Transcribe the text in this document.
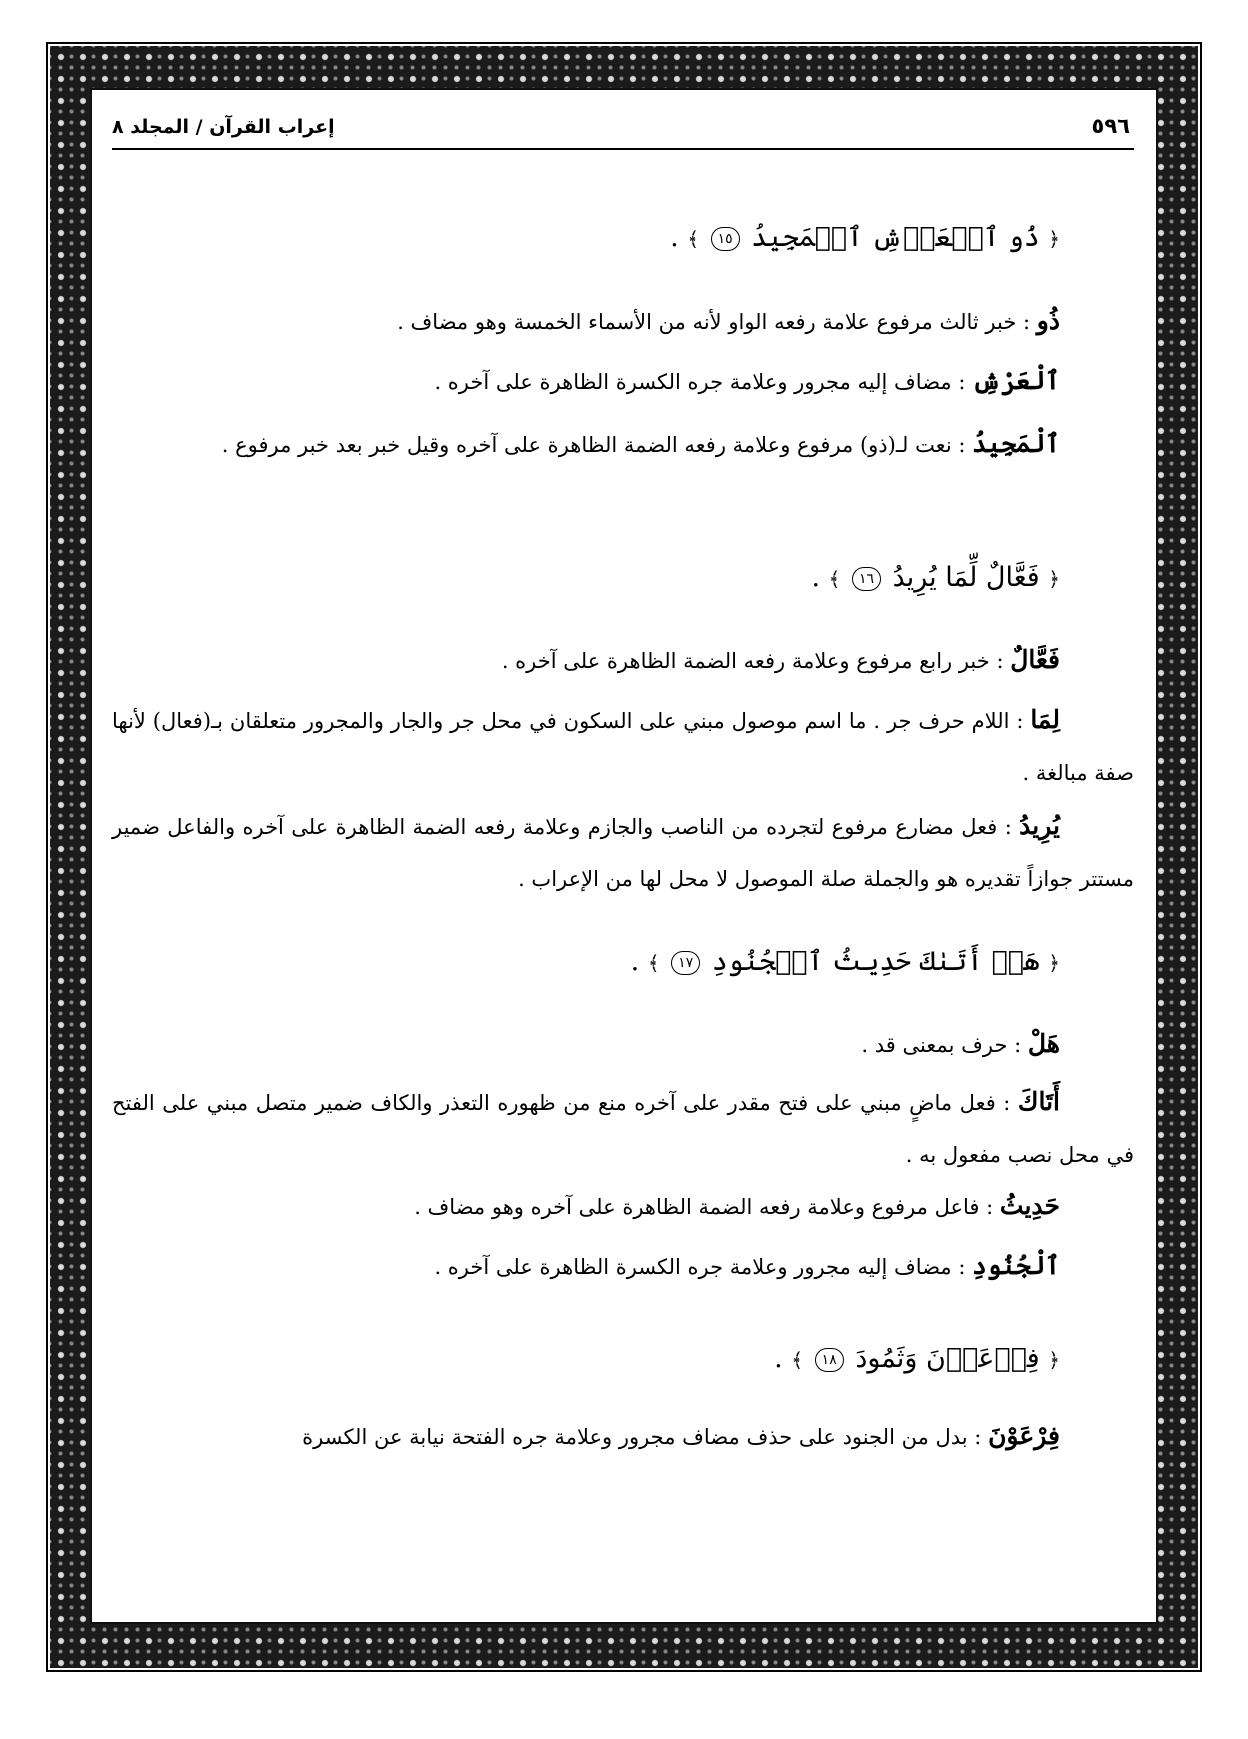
إعراب القرآن / المجلد ٨	٥٩٦
﴿ ذُو ٱلۡعَرۡشِ ٱلۡمَجِيدُ ١٥ ﴾ .
ذُو : خبر ثالث مرفوع علامة رفعه الواو لأنه من الأسماء الخمسة وهو مضاف .
ٱلْعَرْشِ : مضاف إليه مجرور وعلامة جره الكسرة الظاهرة على آخره .
ٱلْمَجِيدُ : نعت لـ(ذو) مرفوع وعلامة رفعه الضمة الظاهرة على آخره وقيل خبر بعد خبر مرفوع .
﴿ فَعَّالٌ لِّمَا يُرِيدُ ١٦ ﴾ .
فَعَّالٌ : خبر رابع مرفوع وعلامة رفعه الضمة الظاهرة على آخره .
لِمَا : اللام حرف جر . ما اسم موصول مبني على السكون في محل جر والجار والمجرور متعلقان بـ(فعال) لأنها صفة مبالغة .
يُرِيدُ : فعل مضارع مرفوع لتجرده من الناصب والجازم وعلامة رفعه الضمة الظاهرة على آخره والفاعل ضمير مستتر جوازاً تقديره هو والجملة صلة الموصول لا محل لها من الإعراب .
﴿ هَلۡ أَتَىٰكَ حَدِيثُ ٱلۡجُنُودِ ١٧ ﴾ .
هَلْ : حرف بمعنى قد .
أَتَاكَ : فعل ماضٍ مبني على فتح مقدر على آخره منع من ظهوره التعذر والكاف ضمير متصل مبني على الفتح في محل نصب مفعول به .
حَدِيثُ : فاعل مرفوع وعلامة رفعه الضمة الظاهرة على آخره وهو مضاف .
ٱلْجُنُودِ : مضاف إليه مجرور وعلامة جره الكسرة الظاهرة على آخره .
﴿ فِرۡعَوۡنَ وَثَمُودَ ١٨ ﴾ .
فِرْعَوْنَ : بدل من الجنود على حذف مضاف مجرور وعلامة جره الفتحة نيابة عن الكسرة
